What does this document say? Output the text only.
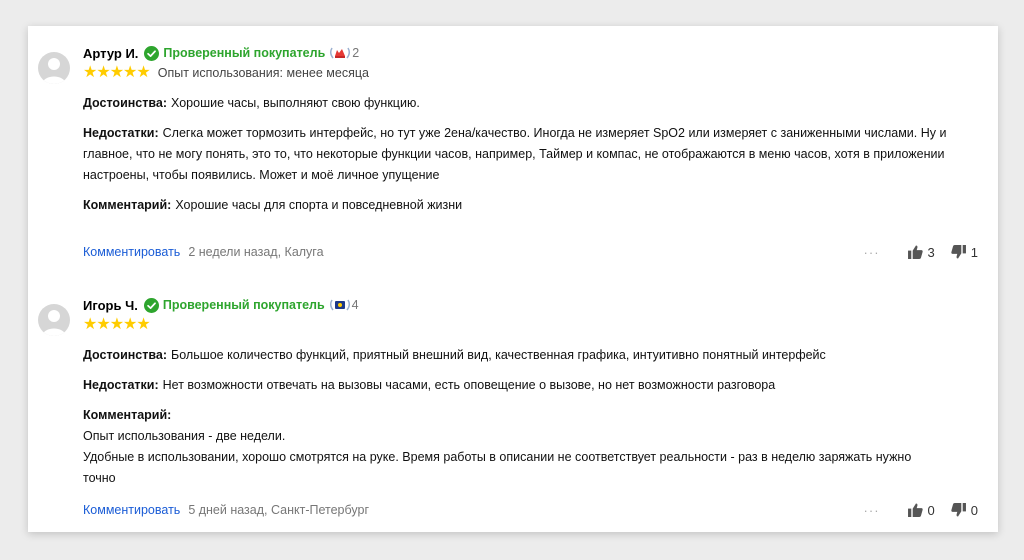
Артур И. Проверенный покупатель 2
★★★★★ Опыт использования: менее месяца
Достоинства: Хорошие часы, выполняют свою функцию.
Недостатки: Слегка может тормозить интерфейс, но тут уже 2ена/качество. Иногда не измеряет SpO2 или измеряет с заниженными числами. Ну и главное, что не могу понять, это то, что некоторые функции часов, например, Таймер и компас, не отображаются в меню часов, хотя в приложении настроены, чтобы появились. Может и моё личное упущение
Комментарий: Хорошие часы для спорта и повседневной жизни
Комментировать 2 недели назад, Калуга	···	3	1
Игорь Ч. Проверенный покупатель 4
★★★★★
Достоинства: Большое количество функций, приятный внешний вид, качественная графика, интуитивно понятный интерфейс
Недостатки: Нет возможности отвечать на вызовы часами, есть оповещение о вызове, но нет возможности разговора
Комментарий:
Опыт использования - две недели.
Удобные в использовании, хорошо смотрятся на руке. Время работы в описании не соответствует реальности - раз в неделю заряжать нужно
точно
Комментировать 5 дней назад, Санкт-Петербург	···	0	0
